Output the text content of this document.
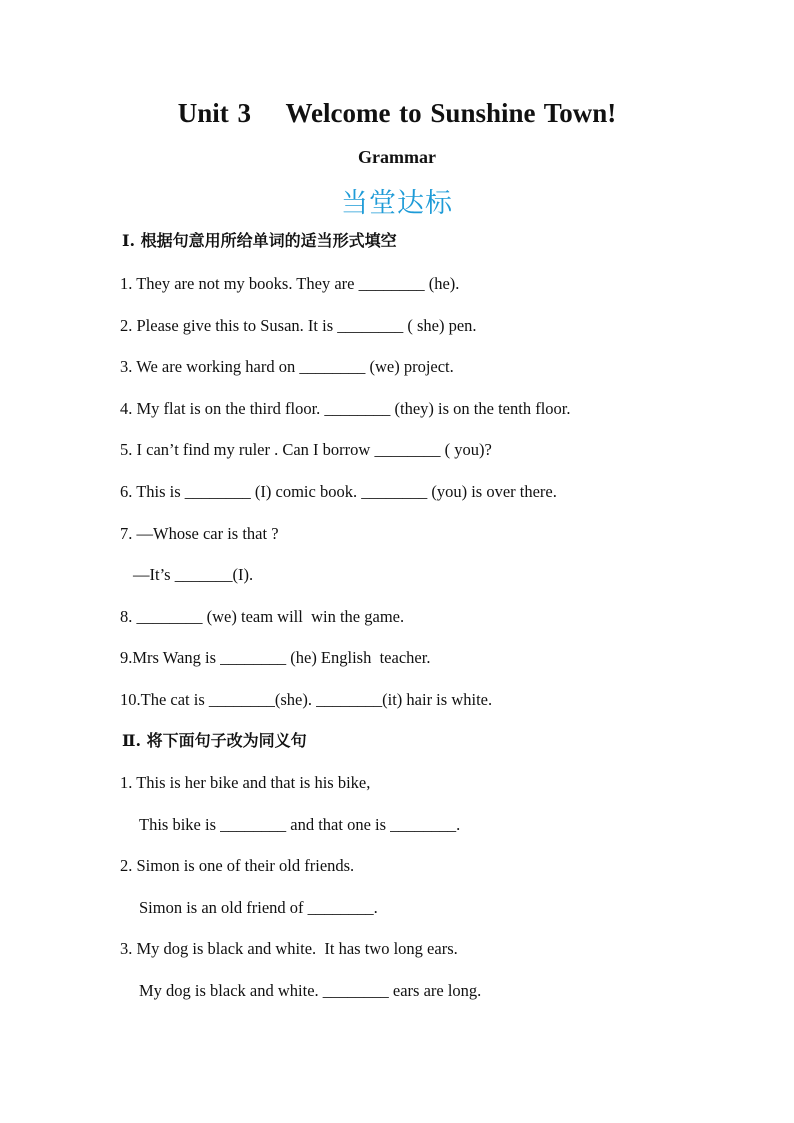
Unit 3    Welcome to Sunshine Town!
Grammar
当堂达标
Ⅰ. 根据句意用所给单词的适当形式填空
1. They are not my books. They are ________ (he).
2. Please give this to Susan. It is ________ ( she) pen.
3. We are working hard on ________ (we) project.
4. My flat is on the third floor. ________ (they) is on the tenth floor.
5. I can’t find my ruler . Can I borrow ________ ( you)?
6. This is ________ (I) comic book. ________ (you) is over there.
7. —Whose car is that ?
—It’s _______(I).
8. ________ (we) team will  win the game.
9.Mrs Wang is ________ (he) English  teacher.
10.The cat is ________(she). ________(it) hair is white.
Ⅱ. 将下面句子改为同义句
1. This is her bike and that is his bike,
This bike is ________ and that one is ________.
2. Simon is one of their old friends.
Simon is an old friend of ________.
3. My dog is black and white.  It has two long ears.
My dog is black and white. ________ ears are long.
